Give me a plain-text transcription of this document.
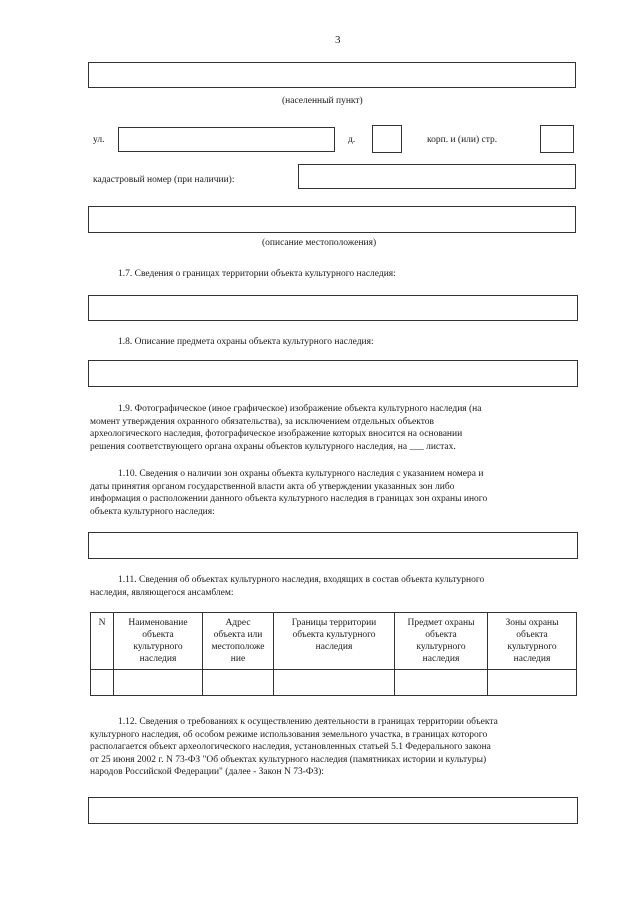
3
(населенный пункт)
ул.	д.	корп. и (или) стр.
кадастровый номер (при наличии):
(описание местоположения)
1.7. Сведения о границах территории объекта культурного наследия:
1.8. Описание предмета охраны объекта культурного наследия:
1.9. Фотографическое (иное графическое) изображение объекта культурного наследия (на
момент утверждения охранного обязательства), за исключением отдельных объектов
археологического наследия, фотографическое изображение которых вносится на основании
решения соответствующего органа охраны объектов культурного наследия, на ___ листах.
1.10. Сведения о наличии зон охраны объекта культурного наследия с указанием номера и
даты принятия органом государственной власти акта об утверждении указанных зон либо
информация о расположении данного объекта культурного наследия в границах зон охраны иного
объекта культурного наследия:
1.11. Сведения об объектах культурного наследия, входящих в состав объекта культурного
наследия, являющегося ансамблем:
N	Наименование
объекта
культурного
наследия	Адрес
объекта или
местоположе
ние	Границы территории
объекта культурного
наследия	Предмет охраны
объекта
культурного
наследия	Зоны охраны
объекта
культурного
наследия

1.12. Сведения о требованиях к осуществлению деятельности в границах территории объекта
культурного наследия, об особом режиме использования земельного участка, в границах которого
располагается объект археологического наследия, установленных статьей 5.1 Федерального закона
от 25 июня 2002 г. N 73-ФЗ "Об объектах культурного наследия (памятниках истории и культуры)
народов Российской Федерации" (далее - Закон N 73-ФЗ):
